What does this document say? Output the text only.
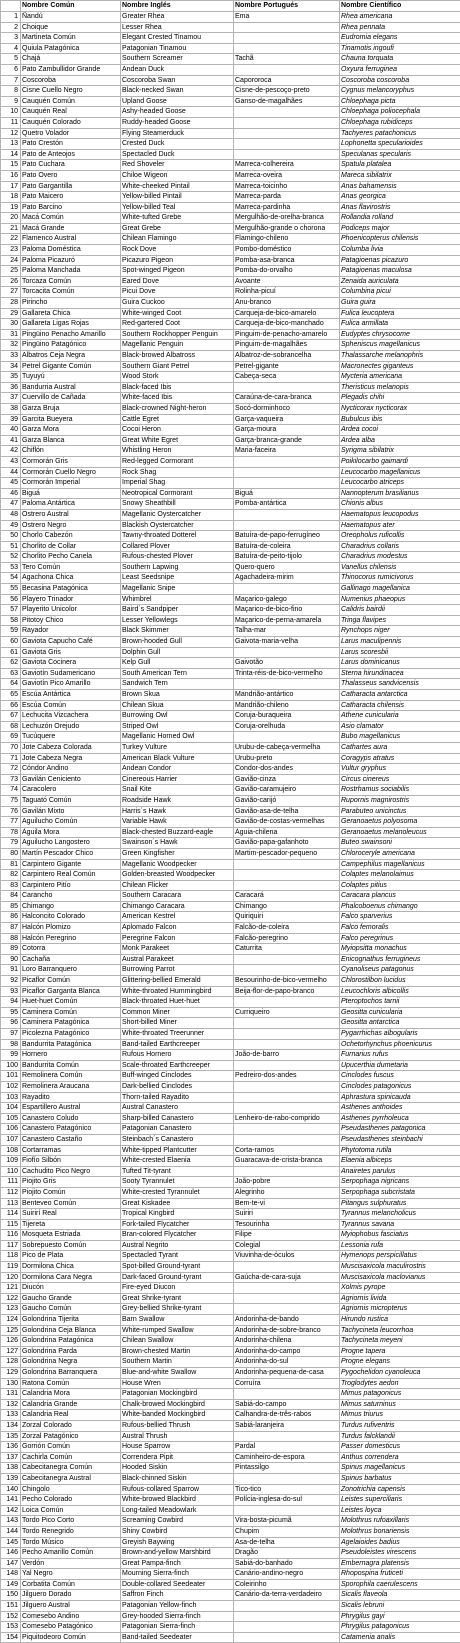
	Nombre Común	Nombre Inglés	Nombre Portugués	Nombre Científico
1	Ñandú	Greater Rhea	Ema	Rhea americana
2	Choique	Lesser Rhea		Rhea pennata
3	Martineta Común	Elegant Crested Tinamou		Eudromia elegans
4	Quiula Patagónica	Patagonian Tinamou		Tinamotis ingoufi
5	Chajá	Southern Screamer	Tachã	Chauna torquata
6	Pato Zambullidor Grande	Andean Duck		Oxyura ferruginea
7	Coscoroba	Coscoroba Swan	Capororoca	Coscoroba coscoroba
8	Cisne Cuello Negro	Black-necked Swan	Cisne-de-pescoço-preto	Cygnus melancoryphus
9	Cauquén Común	Upland Goose	Ganso-de-magalhães	Chloephaga picta
10	Cauquén Real	Ashy-headed Goose		Chloephaga poliocephala
11	Cauquén Colorado	Ruddy-headed Goose		Chloephaga rubidiceps
12	Quetro Volador	Flying Steamerduck		Tachyeres patachonicus
13	Pato Crestón	Crested Duck		Lophonetta specularioides
14	Pato de Anteojos	Spectacled Duck		Speculanas specularis
15	Pato Cuchara	Red Shoveler	Marreca-colhereira	Spatula platalea
16	Pato Overo	Chiloe Wigeon	Marreca-oveira	Mareca sibilatrix
17	Pato Gargantilla	White-cheeked Pintail	Marreca-toicinho	Anas bahamensis
18	Pato Maicero	Yellow-billed Pintail	Marreca-parda	Anas georgica
19	Pato Barcino	Yellow-billed Teal	Marreca-pardinha	Anas flavirostris
20	Macá Común	White-tufted Grebe	Mergulhão-de-orelha-branca	Rollandia rolland
21	Macá Grande	Great Grebe	Mergulhão-grande o chorona	Podiceps major
22	Flamenco Austral	Chilean Flamingo	Flamingo-chileno	Phoenicopterus chilensis
23	Paloma Doméstica	Rock Dove	Pombo-doméstico	Columba livia
24	Paloma Picazuró	Picazuro Pigeon	Pomba-asa-branca	Patagioenas picazuro
25	Paloma Manchada	Spot-winged Pigeon	Pomba-do-orvalho	Patagioenas maculosa
26	Torcaza Común	Eared Dove	Avoante	Zenaida auriculata
27	Torcacita Común	Picui Dove	Rolinha-picuí	Columbina picui
28	Pirincho	Guira Cuckoo	Anu-branco	Guira guira
29	Gallareta Chica	White-winged Coot	Carqueja-de-bico-amarelo	Fulica leucoptera
30	Gallareta Ligas Rojas	Red-gartered Coot	Carqueja-de-bico-manchado	Fulica armillata
31	Pingüino Penacho Amarillo	Southern Rockhopper Penguin	Pinguim-de-penacho-amarelo	Eudyptes chrysocome
32	Pingüino Patagónico	Magellanic Penguin	Pinguim-de-magalhães	Spheniscus magellanicus
33	Albatros Ceja Negra	Black-browed Albatross	Albatroz-de-sobrancelha	Thalassarche melanophris
34	Petrel Gigante Común	Southern Giant Petrel	Petrel-gigante	Macronectes giganteus
35	Tuyuyú	Wood Stork	Cabeça-seca	Mycteria americana
36	Bandurria Austral	Black-faced Ibis		Theristicus melanopis
37	Cuervillo de Cañada	White-faced Ibis	Caraúna-de-cara-branca	Plegadis chihi
38	Garza Bruja	Black-crowned Night-heron	Socó-dorminhoco	Nycticorax nycticorax
39	Garcita Bueyera	Cattle Egret	Garça-vaqueira	Bubulcus ibis
40	Garza Mora	Cocoi Heron	Garça-moura	Ardea cocoi
41	Garza Blanca	Great White Egret	Garça-branca-grande	Ardea alba
42	Chiflón	Whistling Heron	Maria-faceira	Syrigma sibilatrix
43	Cormorán Gris	Red-legged Cormorant		Poikilocarbo gaimardi
44	Cormorán Cuello Negro	Rock Shag		Leucocarbo magellanicus
45	Cormorán Imperial	Imperial Shag		Leucocarbo atriceps
46	Biguá	Neotropical Cormorant	Biguá	Nannopterum brasilianus
47	Paloma Antártica	Snowy Sheathbill	Pomba-antártica	Chionis albus
48	Ostrero Austral	Magellanic Oystercatcher		Haematopus leucopodus
49	Ostrero Negro	Blackish Oystercatcher		Haematopus ater
50	Chorlo Cabezón	Tawny-throated Dotterel	Batuíra-de-papo-ferrugíneo	Oreopholus ruficollis
51	Chorlito de Collar	Collared Plover	Batuíra-de-coleira	Charadrius collaris
52	Chorlito Pecho Canela	Rufous-chested Plover	Batuíra-de-peito-tijolo	Charadrius modestus
53	Tero Común	Southern Lapwing	Quero-quero	Vanellus chilensis
54	Agachona Chica	Least Seedsnipe	Agachadeira-mirim	Thinocorus rumicivorus
55	Becasina Patagónica	Magellanic Snipe		Gallinago magellanica
56	Playero Trinador	Whimbrel	Maçarico-galego	Numenius phaeopus
57	Playerito Unicolor	Baird´s Sandpiper	Maçarico-de-bico-fino	Calidris bairdii
58	Pitotoy Chico	Lesser Yellowlegs	Maçarico-de-perna-amarela	Tringa flavipes
59	Rayador	Black Skimmer	Talha-mar	Rynchops niger
60	Gaviota Capucho Café	Brown-hooded Gull	Gaivota-maria-velha	Larus maculipennis
61	Gaviota Gris	Dolphin Gull		Larus scoresbii
62	Gaviota Cocinera	Kelp Gull	Gaivotão	Larus dominicanus
63	Gaviotín Sudamericano	South American Tern	Trinta-réis-de-bico-vermelho	Sterna hirundinacea
64	Gaviotín Pico Amarillo	Sandwich Tern		Thalasseus sandvicensis
65	Escúa Antártica	Brown Skua	Mandrião-antártico	Catharacta antarctica
66	Escúa Común	Chilean Skua	Mandrião-chileno	Catharacta chilensis
67	Lechucita Vizcachera	Burrowing Owl	Coruja-buraqueira	Athene cunicularia
68	Lechuzón Orejudo	Striped Owl	Coruja-orelhuda	Asio clamator
69	Tucúquere	Magellanic Horned Owl		Bubo magellanicus
70	Jote Cabeza Colorada	Turkey Vulture	Urubu-de-cabeça-vermelha	Cathartes aura
71	Jote Cabeza Negra	American Black Vulture	Urubu-preto	Coragyps atratus
72	Cóndor Andino	Andean Condor	Condor-dos-andes	Vultur gryphus
73	Gavilán Ceniciento	Cinereous Harrier	Gavião-cinza	Circus cinereus
74	Caracolero	Snail Kite	Gavião-caramujeiro	Rostrhamus sociabilis
75	Taguató Común	Roadside Hawk	Gavião-carijó	Rupornis magnirostris
76	Gavilán Mixto	Harris´s Hawk	Gavião-asa-de-telha	Parabuteo unicinctus
77	Aguilucho Común	Variable Hawk	Gavião-de-costas-vermelhas	Geranoaetus polyosoma
78	Águila Mora	Black-chested Buzzard-eagle	Águia-chilena	Geranoaetus melanoleucus
79	Aguilucho Langostero	Swainson´s Hawk	Gavião-papa-gafanhoto	Buteo swainsoni
80	Martín Pescador Chico	Green Kingfisher	Martim-pescador-pequeno	Chloroceryle americana
81	Carpintero Gigante	Magellanic Woodpecker		Campephilus magellanicus
82	Carpintero Real Común	Golden-breasted Woodpecker		Colaptes melanolaimus
83	Carpintero Pitío	Chilean Flicker		Colaptes pitius
84	Carancho	Southern Caracara	Caracará	Caracara plancus
85	Chimango	Chimango Caracara	Chimango	Phalcoboenus chimango
86	Halconcito Colorado	American Kestrel	Quiriquiri	Falco sparverius
87	Halcón Plomizo	Aplomado Falcon	Falcão-de-coleira	Falco femoralis
88	Halcón Peregrino	Peregrine Falcon	Falcão-peregrino	Falco peregrinus
89	Cotorra	Monk Parakeet	Caturrita	Myiopsitta monachus
90	Cachaña	Austral Parakeet		Enicognathus ferrugineus
91	Loro Barranquero	Burrowing Parrot		Cyanoliseus patagonus
92	Picaflor Común	Glittering-bellied Emerald	Besourinho-de-bico-vermelho	Chlorostilbon lucidus
93	Picaflor Garganta Blanca	White-throated Hummingbird	Beija-flor-de-papo-branco	Leucochloris albicollis
94	Huet-huet Común	Black-throated Huet-huet		Pteroptochos tarnii
95	Caminera Común	Common Miner	Curriqueiro	Geositta cunicularia
96	Caminera Patagónica	Short-billed Miner		Geositta antarctica
97	Picolezna Patagónico	White-throated Treerunner		Pygarrhichas albogularis
98	Bandurrita Patagónica	Band-tailed Earthcreeper		Ochetorhynchus phoenicurus
99	Hornero	Rufous Hornero	João-de-barro	Furnarius rufus
100	Bandurrita Común	Scale-throated Earthcreeper		Upucerthia dumetaria
101	Remolinera Común	Buff-winged Cinclodes	Pedreiro-dos-andes	Cinclodes fuscus
102	Remolinera Araucana	Dark-bellied Cinclodes		Cinclodes patagonicus
103	Rayadito	Thorn-tailed Rayadito		Aphrastura spinicauda
104	Espartillero Austral	Austral Canastero		Asthenes anthoides
105	Canastero Coludo	Sharp-billed Canastero	Lenheiro-de-rabo-comprido	Asthenes pyrrholeuca
106	Canastero Patagónico	Patagonian Canastero		Pseudasthenes patagonica
107	Canastero Castaño	Steinbach´s Canastero		Pseudasthenes steinbachi
108	Cortarramas	White-tipped Plantcutter	Corta-ramos	Phytotoma rutila
109	Fiofío Silbón	White-crested Elaenia	Guaracava-de-crista-branca	Elaenia albiceps
110	Cachudito Pico Negro	Tufted Tit-tyrant		Anairetes parulus
111	Piojito Gris	Sooty Tyrannulet	João-pobre	Serpophaga nigricans
112	Piojito Común	White-crested Tyrannulet	Alegrinho	Serpophaga subcristata
113	Benteveo Común	Great Kiskadee	Bem-te-vi	Pitangus sulphuratus
114	Suirirí Real	Tropical Kingbird	Suiriri	Tyrannus melancholicus
115	Tijereta	Fork-tailed Flycatcher	Tesourinha	Tyrannus savana
116	Mosqueta Estriada	Bran-colored Flycatcher	Filipe	Myiophobus fasciatus
117	Sobrepuesto Común	Austral Negrito	Colegial	Lessonia rufa
118	Pico de Plata	Spectacled Tyrant	Viuvinha-de-óculos	Hymenops perspicillatus
119	Dormilona Chica	Spot-billed Ground-tyrant		Muscisaxicola maculirostris
120	Dormilona Cara Negra	Dark-faced Ground-tyrant	Gaúcha-de-cara-suja	Muscisaxicola maclovianus
121	Diucón	Fire-eyed Diucon		Xolmis pyrope
122	Gaucho Grande	Great Shrike-tyrant		Agriornis livida
123	Gaucho Común	Grey-bellied Shrike-tyrant		Agriornis micropterus
124	Golondrina Tijerita	Barn Swallow	Andorinha-de-bando	Hirundo rustica
125	Golondrina Ceja Blanca	White-rumped Swallow	Andorinha-de-sobre-branco	Tachycineta leucorrhoa
126	Golondrina Patagónica	Chilean Swallow	Andorinha-chilena	Tachycineta meyeni
127	Golondrina Parda	Brown-chested Martin	Andorinha-do-campo	Progne tapera
128	Golondrina Negra	Southern Martin	Andorinha-do-sul	Progne elegans
129	Golondrina Barranquera	Blue-and-white Swallow	Andorinha-pequena-de-casa	Pygochelidon cyanoleuca
130	Ratona Común	House Wren	Corruíra	Troglodytes aedon
131	Calandria Mora	Patagonian Mockingbird		Mimus patagonicus
132	Calandria Grande	Chalk-browed Mockingbird	Sabiá-do-campo	Mimus saturninus
133	Calandria Real	White-banded Mockingbird	Calhandra-de-três-rabos	Mimus triurus
134	Zorzal Colorado	Rufous-bellied Thrush	Sabiá-laranjeira	Turdus rufiventris
135	Zorzal Patagónico	Austral Thrush		Turdus falcklandii
136	Gorrión Común	House Sparrow	Pardal	Passer domesticus
137	Cachirla Común	Correndera Pipit	Caminheiro-de-espora	Anthus correndera
138	Cabecitanegra Común	Hooded Siskin	Pintassilgo	Spinus magellanicus
139	Cabecitanegra Austral	Black-chinned Siskin		Spinus barbatus
140	Chingolo	Rufous-collared Sparrow	Tico-tico	Zonotrichia capensis
141	Pecho Colorado	White-browed Blackbird	Polícia-inglesa-do-sul	Leistes superciliaris
142	Loica Común	Long-tailed Meadowlark		Leistes loyca
143	Tordo Pico Corto	Screaming Cowbird	Vira-bosta-picumã	Molothrus rufoaxillaris
144	Tordo Renegrido	Shiny Cowbird	Chupim	Molothrus bonariensis
145	Tordo Músico	Greyish Baywing	Asa-de-telha	Agelaioides badius
146	Pecho Amarillo Común	Brown-and-yellow Marshbird	Dragão	Pseudoleistes virescens
147	Verdón	Great Pampa-finch	Sabiá-do-banhado	Embernagra platensis
148	Yal Negro	Mourning Sierra-finch	Canário-andino-negro	Rhopospina fruticeti
149	Corbatita Común	Double-collared Seedeater	Coleirinho	Sporophila caerulescens
150	Jilguero Dorado	Saffron Finch	Canário-da-terra-verdadeiro	Sicalis flaveola
151	Jilguero Austral	Patagonian Yellow-finch		Sicalis lebruni
152	Comesebo Andino	Grey-hooded Sierra-finch		Phrygilus gayi
153	Comesebo Patagónico	Patagonian Sierra-finch		Phrygilus patagonicus
154	Piquitodeoro Común	Band-tailed Seedeater		Catamenia analis
